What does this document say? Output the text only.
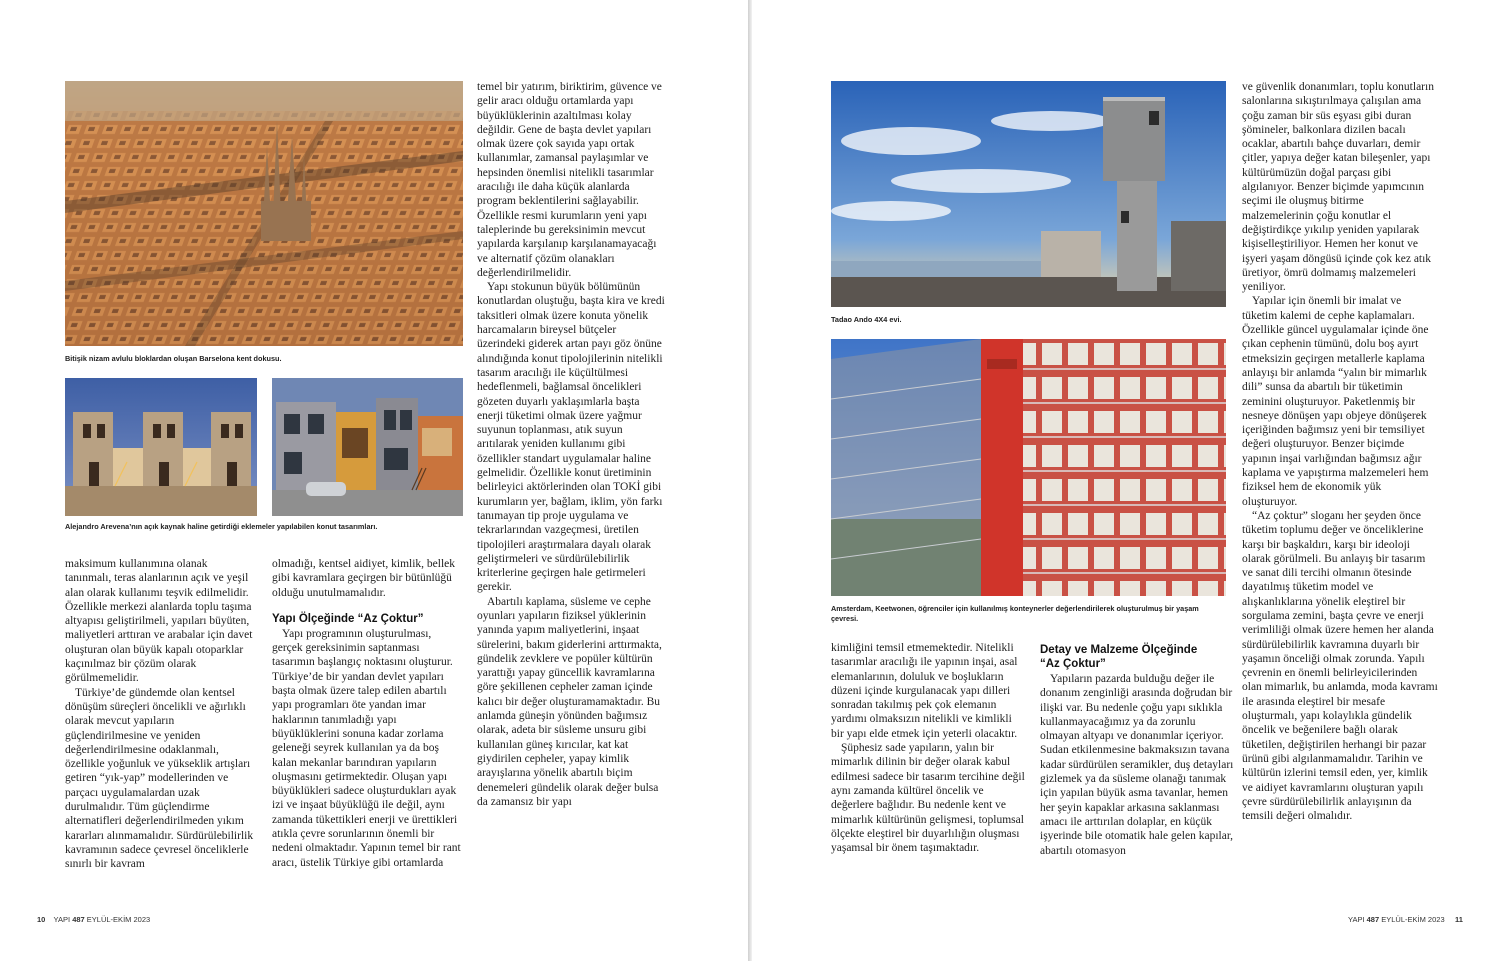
Bitişik nizam avlulu bloklardan oluşan Barselona kent dokusu.
Alejandro Arevena’nın açık kaynak haline getirdiği eklemeler yapılabilen konut tasarımları.

maksimum kullanımına olanak tanınmalı, teras alanlarının açık ve yeşil alan olarak kullanımı teşvik edilmelidir. Özellikle merkezi alanlarda toplu taşıma altyapısı geliştirilmeli, yapıları büyüten, maliyetleri arttıran ve arabalar için davet oluşturan olan büyük kapalı otoparklar kaçınılmaz bir çözüm olarak görülmemelidir.

Türkiye’de gündemde olan kentsel dönüşüm süreçleri öncelikli ve ağırlıklı olarak mevcut yapıların güçlendirilmesine ve yeniden değerlendirilmesine odaklanmalı, özellikle yoğunluk ve yükseklik artışları getiren “yık-yap” modellerinden ve parçacı uygulamalardan uzak durulmalıdır. Tüm güçlendirme alternatifleri değerlendirilmeden yıkım kararları alınmamalıdır. Sürdürülebilirlik kavramının sadece çevresel önceliklerle sınırlı bir kavram

olmadığı, kentsel aidiyet, kimlik, bellek gibi kavramlara geçirgen bir bütünlüğü olduğu unutulmamalıdır.

Yapı Ölçeğinde “Az Çoktur”

Yapı programının oluşturulması, gerçek gereksinimin saptanması tasarımın başlangıç noktasını oluşturur. Türkiye’de bir yandan devlet yapıları başta olmak üzere talep edilen abartılı yapı programları öte yandan imar haklarının tanımladığı yapı büyüklüklerini sonuna kadar zorlama geleneği seyrek kullanılan ya da boş kalan mekanlar barındıran yapıların oluşmasını getirmektedir. Oluşan yapı büyüklükleri sadece oluşturdukları ayak izi ve inşaat büyüklüğü ile değil, aynı zamanda tükettikleri enerji ve ürettikleri atıkla çevre sorunlarının önemli bir nedeni olmaktadır. Yapının temel bir rant aracı, üstelik Türkiye gibi ortamlarda

temel bir yatırım, biriktirim, güvence ve gelir aracı olduğu ortamlarda yapı büyüklüklerinin azaltılması kolay değildir. Gene de başta devlet yapıları olmak üzere çok sayıda yapı ortak kullanımlar, zamansal paylaşımlar ve hepsinden önemlisi nitelikli tasarımlar aracılığı ile daha küçük alanlarda program beklentilerini sağlayabilir. Özellikle resmi kurumların yeni yapı taleplerinde bu gereksinimin mevcut yapılarda karşılanıp karşılanamayacağı ve alternatif çözüm olanakları değerlendirilmelidir.

Yapı stokunun büyük bölümünün konutlardan oluştuğu, başta kira ve kredi taksitleri olmak üzere konuta yönelik harcamaların bireysel bütçeler üzerindeki giderek artan payı göz önüne alındığında konut tipolojilerinin nitelikli tasarım aracılığı ile küçültülmesi hedeflenmeli, bağlamsal öncelikleri gözeten duyarlı yaklaşımlarla başta enerji tüketimi olmak üzere yağmur suyunun toplanması, atık suyun arıtılarak yeniden kullanımı gibi özellikler standart uygulamalar haline gelmelidir. Özellikle konut üretiminin belirleyici aktörlerinden olan TOKİ gibi kurumların yer, bağlam, iklim, yön farkı tanımayan tip proje uygulama ve tekrarlarından vazgeçmesi, üretilen tipolojileri araştırmalara dayalı olarak geliştirmeleri ve sürdürülebilirlik kriterlerine geçirgen hale getirmeleri gerekir.

Abartılı kaplama, süsleme ve cephe oyunları yapıların fiziksel yüklerinin yanında yapım maliyetlerini, inşaat sürelerini, bakım giderlerini arttırmakta, gündelik zevklere ve popüler kültürün yarattığı yapay güncellik kavramlarına göre şekillenen cepheler zaman içinde kalıcı bir değer oluşturamamaktadır. Bu anlamda güneşin yönünden bağımsız olarak, adeta bir süsleme unsuru gibi kullanılan güneş kırıcılar, kat kat giydirilen cepheler, yapay kimlik arayışlarına yönelik abartılı biçim denemeleri gündelik olarak değer bulsa da zamansız bir yapı

10 YAPI 487 EYLÜL-EKİM 2023
Tadao Ando 4X4 evi.
Amsterdam, Keetwonen, öğrenciler için kullanılmış konteynerler değerlendirilerek oluşturulmuş bir yaşam çevresi.

kimliğini temsil etmemektedir. Nitelikli tasarımlar aracılığı ile yapının inşai, asal elemanlarının, doluluk ve boşlukların düzeni içinde kurgulanacak yapı dilleri sonradan takılmış pek çok elemanın yardımı olmaksızın nitelikli ve kimlikli bir yapı elde etmek için yeterli olacaktır.

Şüphesiz sade yapıların, yalın bir mimarlık dilinin bir değer olarak kabul edilmesi sadece bir tasarım tercihine değil aynı zamanda kültürel öncelik ve değerlere bağlıdır. Bu nedenle kent ve mimarlık kültürünün gelişmesi, toplumsal ölçekte eleştirel bir duyarlılığın oluşması yaşamsal bir önem taşımaktadır.

Detay ve Malzeme Ölçeğinde
“Az Çoktur”

Yapıların pazarda bulduğu değer ile donanım zenginliği arasında doğrudan bir ilişki var. Bu nedenle çoğu yapı sıklıkla kullanmayacağımız ya da zorunlu olmayan altyapı ve donanımlar içeriyor. Sudan etkilenmesine bakmaksızın tavana kadar sürdürülen seramikler, duş detayları gizlemek ya da süsleme olanağı tanımak için yapılan büyük asma tavanlar, hemen her şeyin kapaklar arkasına saklanması amacı ile arttırılan dolaplar, en küçük işyerinde bile otomatik hale gelen kapılar, abartılı otomasyon

ve güvenlik donanımları, toplu konutların salonlarına sıkıştırılmaya çalışılan ama çoğu zaman bir süs eşyası gibi duran şömineler, balkonlara dizilen bacalı ocaklar, abartılı bahçe duvarları, demir çitler, yapıya değer katan bileşenler, yapı kültürümüzün doğal parçası gibi algılanıyor. Benzer biçimde yapımcının seçimi ile oluşmuş bitirme malzemelerinin çoğu konutlar el değiştirdikçe yıkılıp yeniden yapılarak kişiselleştiriliyor. Hemen her konut ve işyeri yaşam döngüsü içinde çok kez atık üretiyor, ömrü dolmamış malzemeleri yeniliyor.

Yapılar için önemli bir imalat ve tüketim kalemi de cephe kaplamaları. Özellikle güncel uygulamalar içinde öne çıkan cephenin tümünü, dolu boş ayırt etmeksizin geçirgen metallerle kaplama anlayışı bir anlamda “yalın bir mimarlık dili” sunsa da abartılı bir tüketimin zeminini oluşturuyor. Paketlenmiş bir nesneye dönüşen yapı objeye dönüşerek içeriğinden bağımsız yeni bir temsiliyet değeri oluşturuyor. Benzer biçimde yapının inşai varlığından bağımsız ağır kaplama ve yapıştırma malzemeleri hem fiziksel hem de ekonomik yük oluşturuyor.

“Az çoktur” sloganı her şeyden önce tüketim toplumu değer ve önceliklerine karşı bir başkaldırı, karşı bir ideoloji olarak görülmeli. Bu anlayış bir tasarım ve sanat dili tercihi olmanın ötesinde dayatılmış tüketim model ve alışkanlıklarına yönelik eleştirel bir sorgulama zemini, başta çevre ve enerji verimliliği olmak üzere hemen her alanda sürdürülebilirlik kavramına duyarlı bir yaşamın önceliği olmak zorunda. Yapılı çevrenin en önemli belirleyicilerinden olan mimarlık, bu anlamda, moda kavramı ile arasında eleştirel bir mesafe oluşturmalı, yapı kolaylıkla gündelik öncelik ve beğenilere bağlı olarak tüketilen, değiştirilen herhangi bir pazar ürünü gibi algılanmamalıdır. Tarihin ve kültürün izlerini temsil eden, yer, kimlik ve aidiyet kavramlarını oluşturan yapılı çevre sürdürülebilirlik anlayışının da temsili değeri olmalıdır.

YAPI 487 EYLÜL-EKİM 2023 11
